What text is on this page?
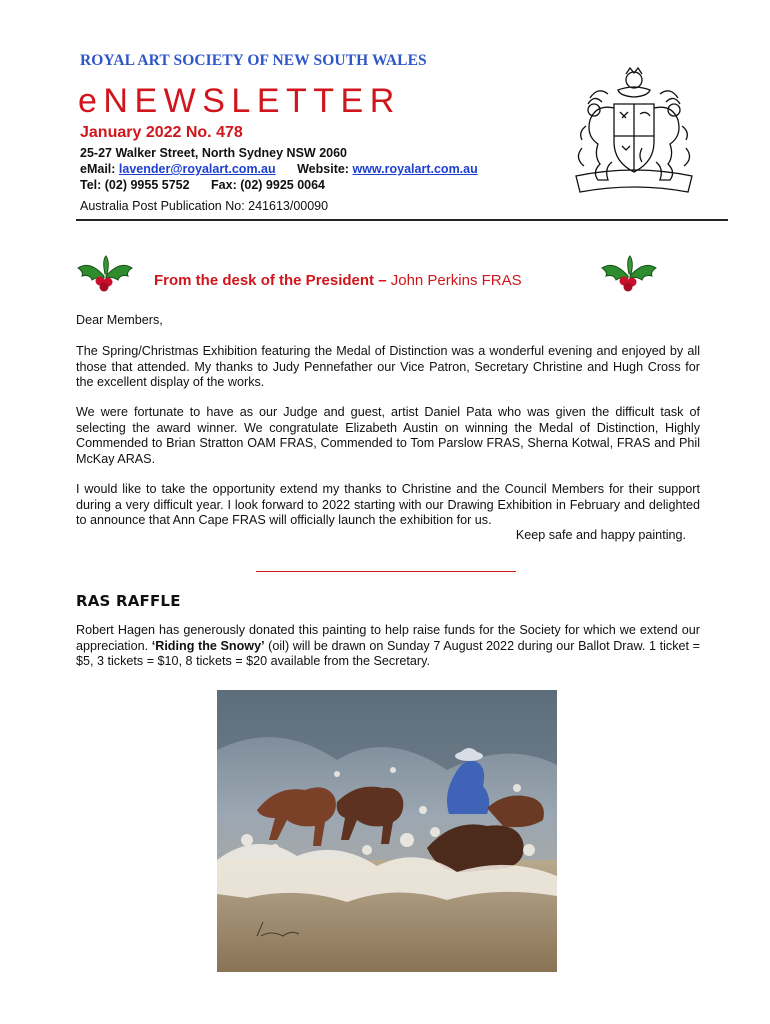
ROYAL ART SOCIETY OF NEW SOUTH WALES
eNEWSLETTER
January 2022 No. 478
25-27 Walker Street, North Sydney NSW 2060
eMail: lavender@royalart.com.au Website: www.royalart.com.au
Tel: (02) 9955 5752 Fax: (02) 9925 0064
Australia Post Publication No: 241613/00090
From the desk of the President – John Perkins FRAS
Dear Members,
The Spring/Christmas Exhibition featuring the Medal of Distinction was a wonderful evening and enjoyed by all those that attended. My thanks to Judy Pennefather our Vice Patron, Secretary Christine and Hugh Cross for the excellent display of the works.
We were fortunate to have as our Judge and guest, artist Daniel Pata who was given the difficult task of selecting the award winner. We congratulate Elizabeth Austin on winning the Medal of Distinction, Highly Commended to Brian Stratton OAM FRAS, Commended to Tom Parslow FRAS, Sherna Kotwal, FRAS and Phil McKay ARAS.
I would like to take the opportunity extend my thanks to Christine and the Council Members for their support during a very difficult year. I look forward to 2022 starting with our Drawing Exhibition in February and delighted to announce that Ann Cape FRAS will officially launch the exhibition for us.
Keep safe and happy painting.
RAS RAFFLE
Robert Hagen has generously donated this painting to help raise funds for the Society for which we extend our appreciation. ‘Riding the Snowy’ (oil) will be drawn on Sunday 7 August 2022 during our Ballot Draw. 1 ticket = $5, 3 tickets = $10, 8 tickets = $20 available from the Secretary.
